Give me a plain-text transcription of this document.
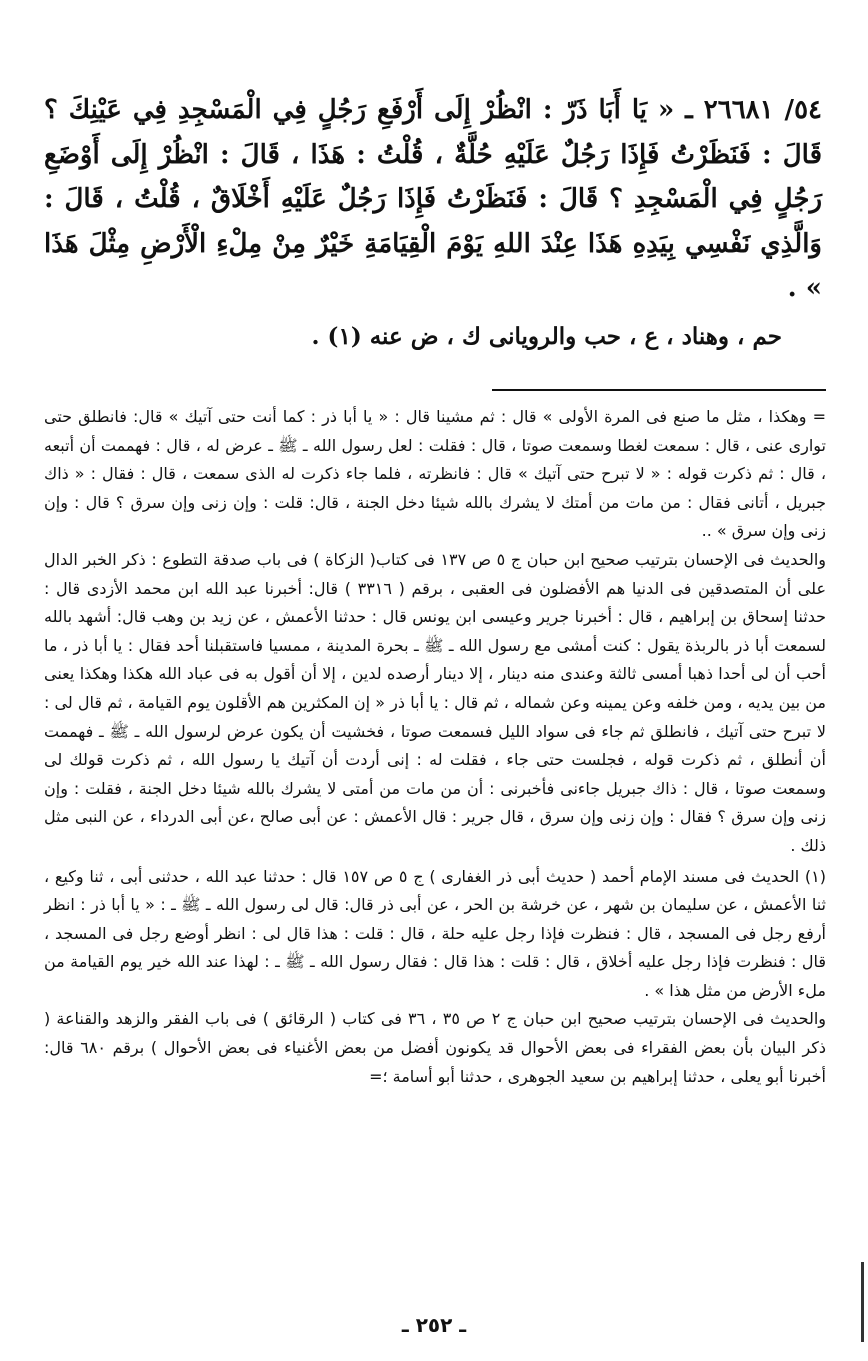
٥٤/ ٢٦٦٨١ ـ « يَا أَبَا ذَرّ : انْظُرْ إِلَى أَرْفَعِ رَجُلٍ فِي الْمَسْجِدِ فِي عَيْنِكَ ؟ قَالَ : فَنَظَرْتُ فَإِذَا رَجُلٌ عَلَيْهِ حُلَّةٌ ، قُلْتُ : هَذَا ، قَالَ : انْظُرْ إِلَى أَوْضَعِ رَجُلٍ فِي الْمَسْجِدِ ؟ قَالَ : فَنَظَرْتُ فَإِذَا رَجُلٌ عَلَيْهِ أَخْلَاقٌ ، قُلْتُ ، قَالَ : وَالَّذِي نَفْسِي بِيَدِهِ هَذَا عِنْدَ اللهِ يَوْمَ الْقِيَامَةِ خَيْرٌ مِنْ مِلْءِ الْأَرْضِ مِثْلَ هَذَا » .

حم ، وهناد ، ع ، حب والرويانى ك ، ض عنه (١) .

= وهكذا ، مثل ما صنع فى المرة الأولى » قال : ثم مشينا قال : « يا أبا ذر : كما أنت حتى آتيك » قال: فانطلق حتى توارى عنى ، قال : سمعت لغطا وسمعت صوتا ، قال : فقلت : لعل رسول الله ـ ﷺ ـ عرض له ، قال : فهممت أن أتبعه ، قال : ثم ذكرت قوله : « لا تبرح حتى آتيك » قال : فانظرته ، فلما جاء ذكرت له الذى سمعت ، قال : فقال : « ذاك جبريل ، أتانى فقال : من مات من أمتك لا يشرك بالله شيئا دخل الجنة ، قال: قلت : وإن زنى وإن سرق ؟ قال : وإن زنى وإن سرق » ..

والحديث فى الإحسان بترتيب صحيح ابن حبان ج ٥ ص ١٣٧ فى كتاب( الزكاة ) فى باب صدقة التطوع : ذكر الخبر الدال على أن المتصدقين فى الدنيا هم الأفضلون فى العقبى ، برقم ( ٣٣١٦ ) قال: أخبرنا عبد الله ابن محمد الأزدى قال : حدثنا إسحاق بن إبراهيم ، قال : أخبرنا جرير وعيسى ابن يونس قال : حدثنا الأعمش ، عن زيد بن وهب قال: أشهد بالله لسمعت أبا ذر بالربذة يقول : كنت أمشى مع رسول الله ـ ﷺ ـ بحرة المدينة ، ممسيا فاستقبلنا أحد فقال : يا أبا ذر ، ما أحب أن لى أحدا ذهبا أمسى ثالثة وعندى منه دينار ، إلا دينار أرصده لدين ، إلا أن أقول به فى عباد الله هكذا وهكذا يعنى من بين يديه ، ومن خلفه وعن يمينه وعن شماله ، ثم قال : يا أبا ذر « إن المكثرين هم الأقلون يوم القيامة ، ثم قال لى : لا تبرح حتى آتيك ، فانطلق ثم جاء فى سواد الليل فسمعت صوتا ، فخشيت أن يكون عرض لرسول الله ـ ﷺ ـ فهممت أن أنطلق ، ثم ذكرت قوله ، فجلست حتى جاء ، فقلت له : إنى أردت أن آتيك يا رسول الله ، ثم ذكرت قولك لى وسمعت صوتا ، قال : ذاك جبريل جاءنى فأخبرنى : أن من مات من أمتى لا يشرك بالله شيئا دخل الجنة ، فقلت : وإن زنى وإن سرق ؟ فقال : وإن زنى وإن سرق ، قال جرير : قال الأعمش : عن أبى صالح ،عن أبى الدرداء ، عن النبى مثل ذلك .

(١) الحديث فى مسند الإمام أحمد ( حديث أبى ذر الغفارى ) ج ٥ ص ١٥٧ قال : حدثنا عبد الله ، حدثنى أبى ، ثنا وكيع ، ثنا الأعمش ، عن سليمان بن شهر ، عن خرشة بن الحر ، عن أبى ذر قال: قال لى رسول الله ـ ﷺ ـ : « يا أبا ذر : انظر أرفع رجل فى المسجد ، قال : فنظرت فإذا رجل عليه حلة ، قال : قلت : هذا قال لى : انظر أوضع رجل فى المسجد ، قال : فنظرت فإذا رجل عليه أخلاق ، قال : قلت : هذا قال : فقال رسول الله ـ ﷺ ـ : لهذا عند الله خير يوم القيامة من ملء الأرض من مثل هذا » .

والحديث فى الإحسان بترتيب صحيح ابن حبان ج ٢ ص ٣٥ ، ٣٦ فى كتاب ( الرقائق ) فى باب الفقر والزهد والقناعة ( ذكر البيان بأن بعض الفقراء فى بعض الأحوال قد يكونون أفضل من بعض الأغنياء فى بعض الأحوال ) برقم ٦٨٠ قال: أخبرنا أبو يعلى ، حدثنا إبراهيم بن سعيد الجوهرى ، حدثنا أبو أسامة ؛=

ـ ٢٥٢ ـ
